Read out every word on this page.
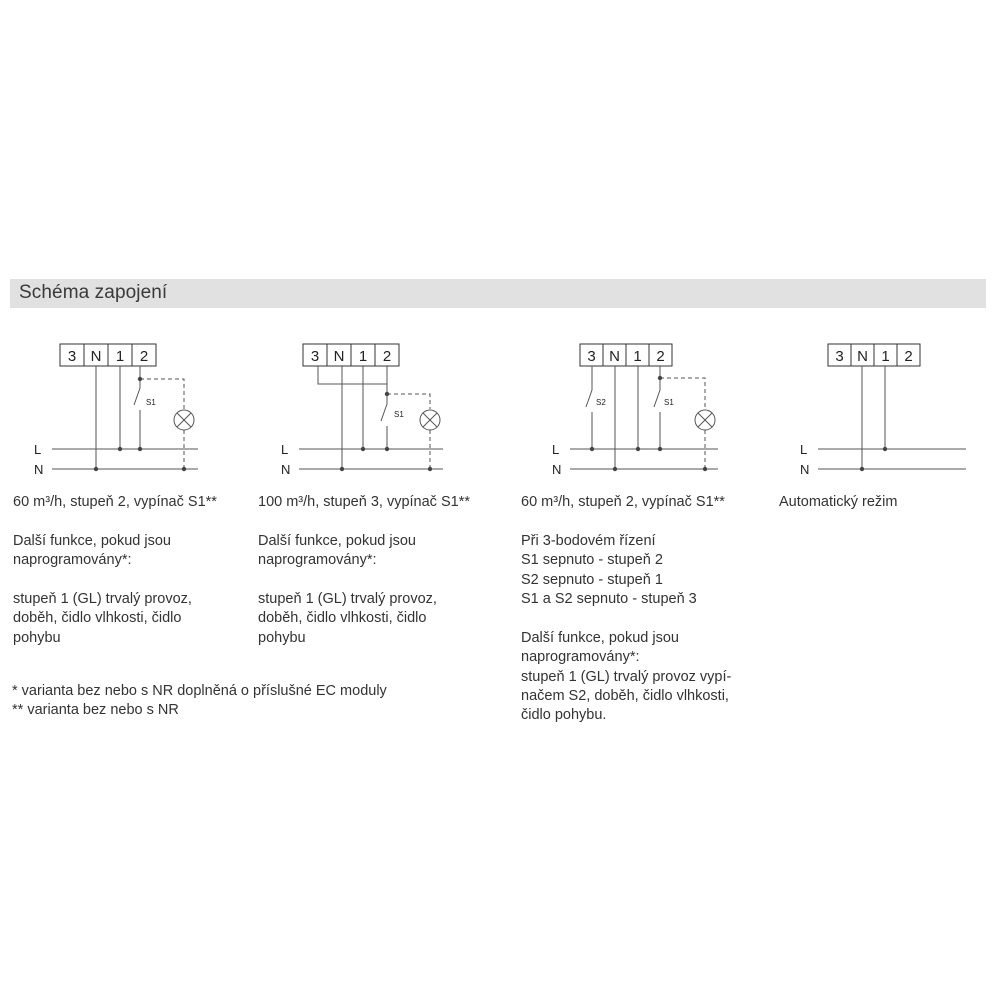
Schéma zapojení
3 N 1 2
L
N
S1
3 N 1 2
L
N
S1
3 N 1 2
L
N
S2	S1
3 N 1 2
L
N
60 m³/h, stupeň 2, vypínač S1**
Další funkce, pokud jsou
naprogramovány*:
stupeň 1 (GL) trvalý provoz,
doběh, čidlo vlhkosti, čidlo
pohybu
100 m³/h, stupeň 3, vypínač S1**
Další funkce, pokud jsou
naprogramovány*:
stupeň 1 (GL) trvalý provoz,
doběh, čidlo vlhkosti, čidlo
pohybu
60 m³/h, stupeň 2, vypínač S1**
Při 3-bodovém řízení
S1 sepnuto - stupeň 2
S2 sepnuto - stupeň 1
S1 a S2 sepnuto - stupeň 3
Další funkce, pokud jsou
naprogramovány*:
stupeň 1 (GL) trvalý provoz vypí-
načem S2, doběh, čidlo vlhkosti,
čidlo pohybu.
Automatický režim
* varianta bez nebo s NR doplněná o příslušné EC moduly
** varianta bez nebo s NR
